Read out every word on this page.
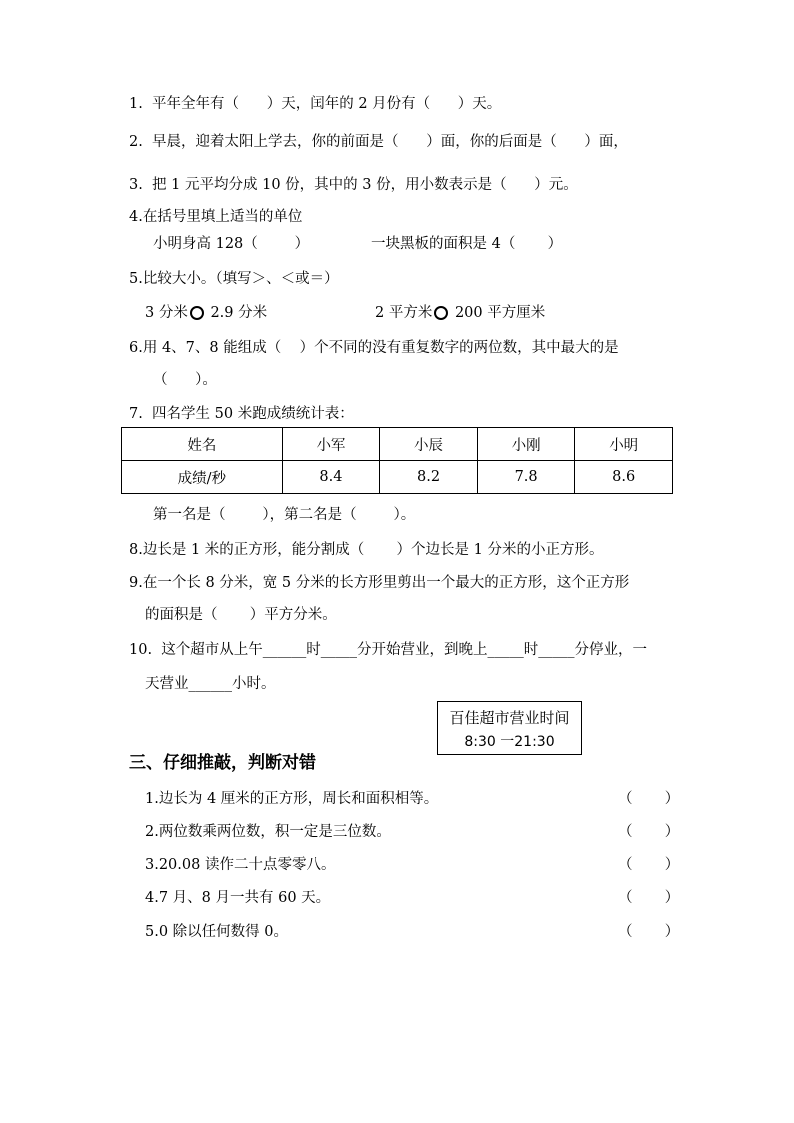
1.  平年全年有（      ）天，闰年的 2 月份有（      ）天。
2.  早晨，迎着太阳上学去，你的前面是（      ）面，你的后面是（      ）面，
3.  把 1 元平均分成 10 份，其中的 3 份，用小数表示是（      ）元。
4.在括号里填上适当的单位
小明身高 128（        ）	一块黑板的面积是 4（       ）
5.比较大小。（填写＞、＜或＝）
3 分米 2.9 分米	2 平方米 200 平方厘米
6.用 4、7、8 能组成（    ）个不同的没有重复数字的两位数，其中最大的是
（      ）。
7.  四名学生 50 米跑成绩统计表：
姓名	小军	小辰	小刚	小明
成绩/秒	8.4	8.2	7.8	8.6
第一名是（        ），第二名是（        ）。
8.边长是 1 米的正方形，能分割成（       ）个边长是 1 分米的小正方形。
9.在一个长 8 分米，宽 5 分米的长方形里剪出一个最大的正方形，这个正方形
的面积是（       ）平方分米。
10.  这个超市从上午______时_____分开始营业，到晚上_____时_____分停业，一
天营业______小时。
百佳超市营业时间
8:30 一21:30
三、仔细推敲，判断对错
1.边长为 4 厘米的正方形，周长和面积相等。	（       ）
2.两位数乘两位数，积一定是三位数。	（       ）
3.20.08 读作二十点零零八。	（       ）
4.7 月、8 月一共有 60 天。	（       ）
5.0 除以任何数得 0。	（       ）
